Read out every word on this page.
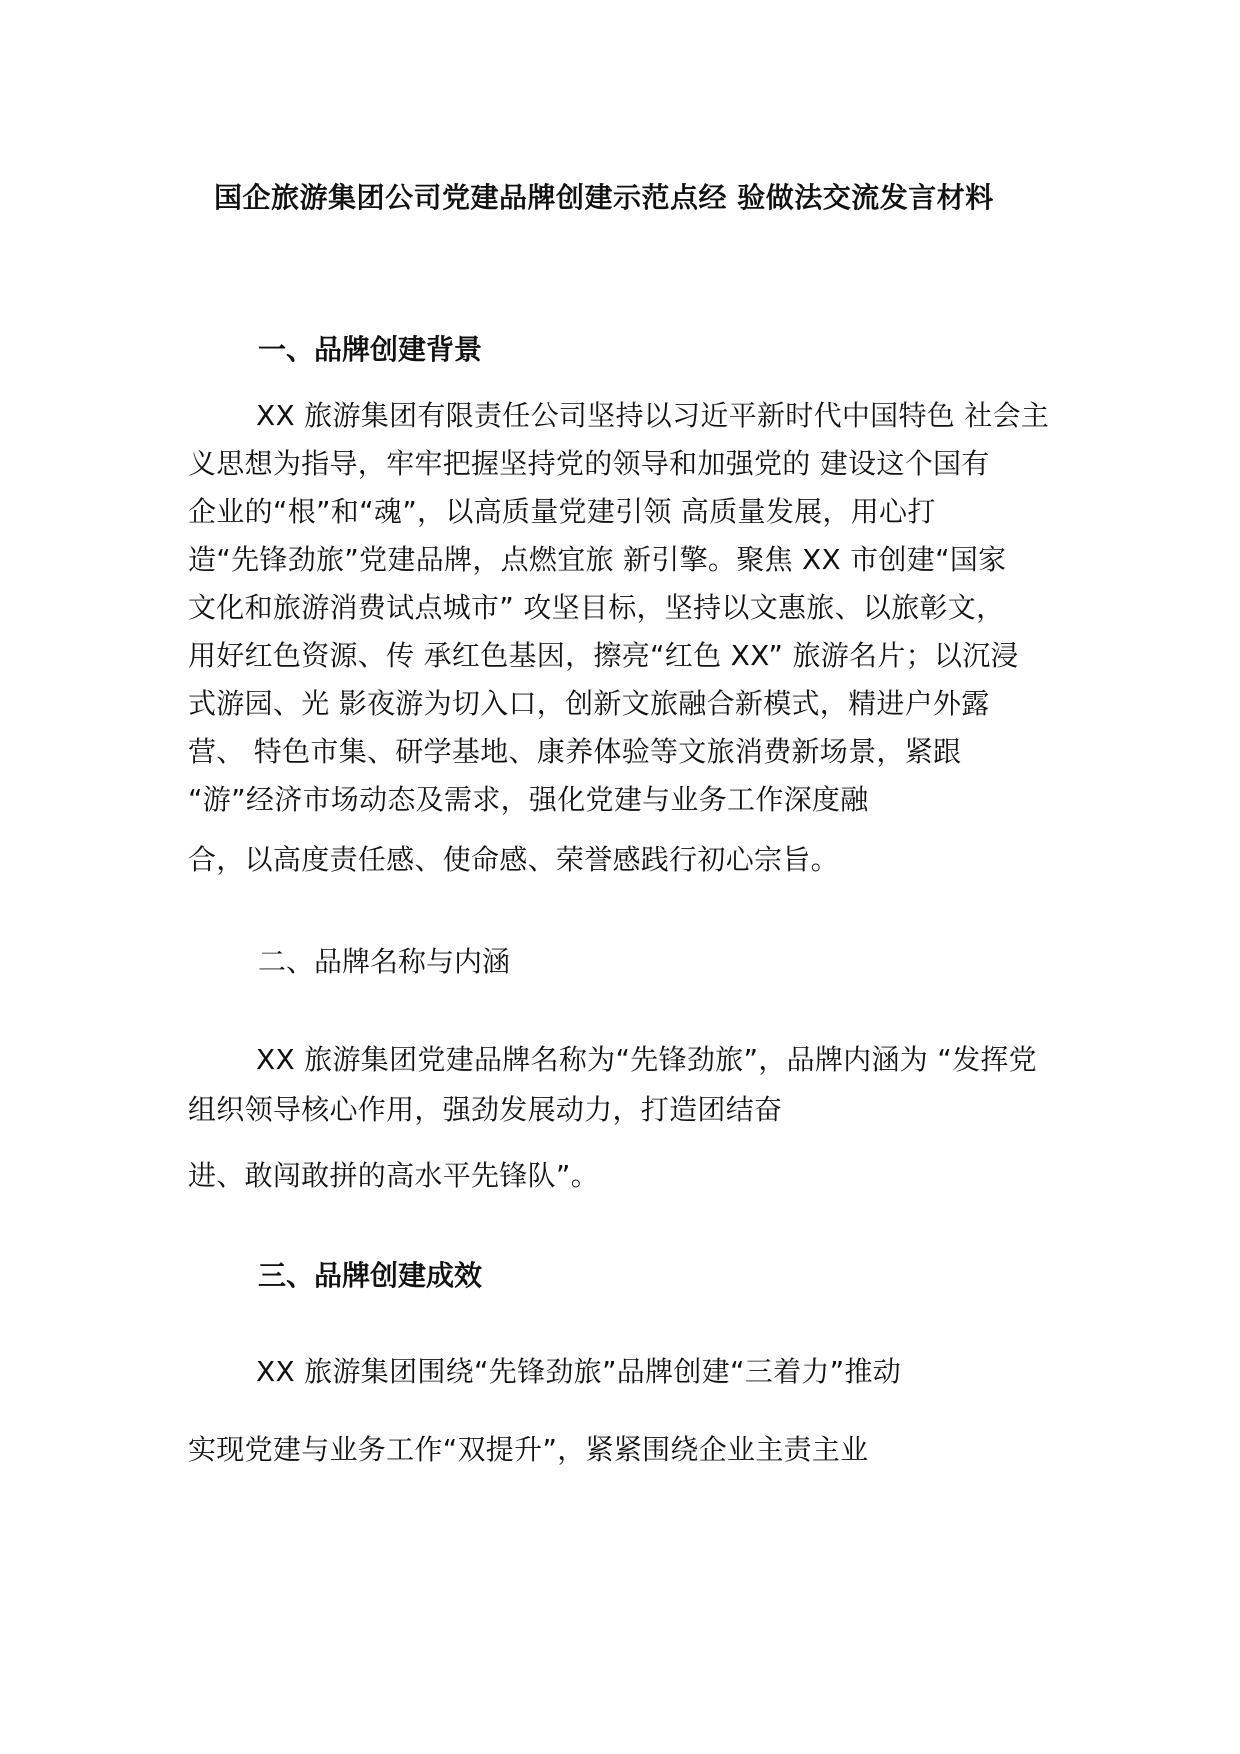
国企旅游集团公司党建品牌创建示范点经 验做法交流发言材料
一、品牌创建背景
XX 旅游集团有限责任公司坚持以习近平新时代中国特色 社会主
义思想为指导，牢牢把握坚持党的领导和加强党的 建设这个国有
企业的“根”和“魂”，以高质量党建引领 高质量发展，用心打
造“先锋劲旅”党建品牌，点燃宜旅 新引擎。聚焦 XX 市创建“国家
文化和旅游消费试点城市” 攻坚目标，坚持以文惠旅、以旅彰文，
用好红色资源、传 承红色基因，擦亮“红色 XX” 旅游名片；以沉浸
式游园、光 影夜游为切入口，创新文旅融合新模式，精进户外露
营、 特色市集、研学基地、康养体验等文旅消费新场景，紧跟
“游”经济市场动态及需求，强化党建与业务工作深度融
合，以高度责任感、使命感、荣誉感践行初心宗旨。
二、品牌名称与内涵
XX 旅游集团党建品牌名称为“先锋劲旅”，品牌内涵为 “发挥党
组织领导核心作用，强劲发展动力，打造团结奋
进、敢闯敢拼的高水平先锋队”。
三、品牌创建成效
XX 旅游集团围绕“先锋劲旅”品牌创建“三着力”推动
实现党建与业务工作“双提升”，紧紧围绕企业主责主业
